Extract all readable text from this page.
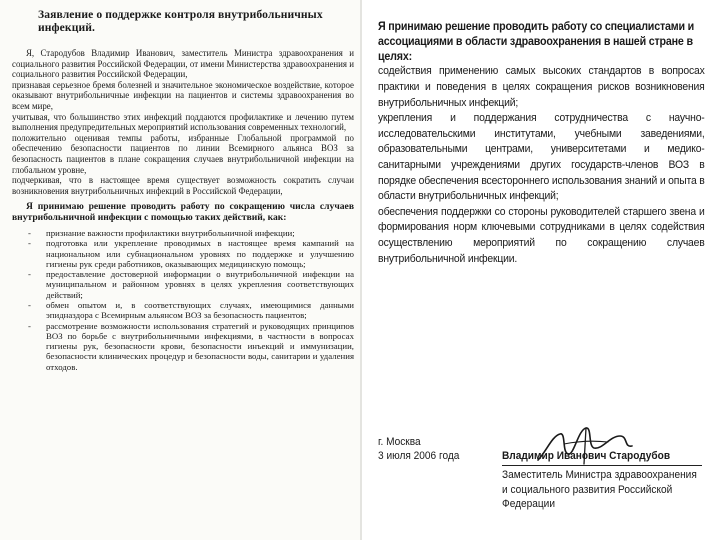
Заявление о поддержке контроля внутрибольничных инфекций.

Я, Стародубов Владимир Иванович, заместитель Министра здравоохранения и социального развития Российской Федерации, от имени Министерства здравоохранения и социального развития Российской Федерации,

признавая серьезное бремя болезней и значительное экономическое воздействие, которое оказывают внутрибольничные инфекции на пациентов и системы здравоохранения во всем мире,

учитывая, что большинство этих инфекций поддаются профилактике и лечению путем выполнения предупредительных мероприятий использования современных технологий,

положительно оценивая темпы работы, избранные Глобальной программой по обеспечению безопасности пациентов по линии Всемирного альянса ВОЗ за безопасность пациентов в плане сокращения случаев внутрибольничной инфекции на глобальном уровне,

подчеркивая, что в настоящее время существует возможность сократить случаи возникновения внутрибольничных инфекций в Российской Федерации,

Я принимаю решение проводить работу по сокращению числа случаев внутрибольничной инфекции с помощью таких действий, как:

- признание важности профилактики внутрибольничной инфекции;
- подготовка или укрепление проводимых в настоящее время кампаний на национальном или субнациональном уровнях по поддержке и улучшению гигиены рук среди работников, оказывающих медицинскую помощь;
- предоставление достоверной информации о внутрибольничной инфекции на муниципальном и районном уровнях в целях укрепления соответствующих действий;
- обмен опытом и, в соответствующих случаях, имеющимися данными эпидназдора с Всемирным альянсом ВОЗ за безопасность пациентов;
- рассмотрение возможности использования стратегий и руководящих принципов ВОЗ по борьбе с внутрибольничными инфекциями, в частности в вопросах гигиены рук, безопасности крови, безопасности инъекций и иммунизации, безопасности клинических процедур и безопасности воды, санитарии и удаления отходов.

Я принимаю решение проводить работу со специалистами и ассоциациями в области здравоохранения в нашей стране в целях:

содействия применению самых высоких стандартов в вопросах практики и поведения в целях сокращения рисков возникновения внутрибольничных инфекций;

укрепления и поддержания сотрудничества с научно-исследовательскими институтами, учебными заведениями, образовательными центрами, университетами и медико-санитарными учреждениями других государств-членов ВОЗ в порядке обеспечения всестороннего использования знаний и опыта в области внутрибольничных инфекций;

обеспечения поддержки со стороны руководителей старшего звена и формирования норм ключевыми сотрудниками в целях содействия осуществлению мероприятий по сокращению случаев внутрибольничной инфекции.

г. Москва
3 июля 2006 года	Владимир Иванович Стародубов
Заместитель Министра здравоохранения и социального развития Российской Федерации
